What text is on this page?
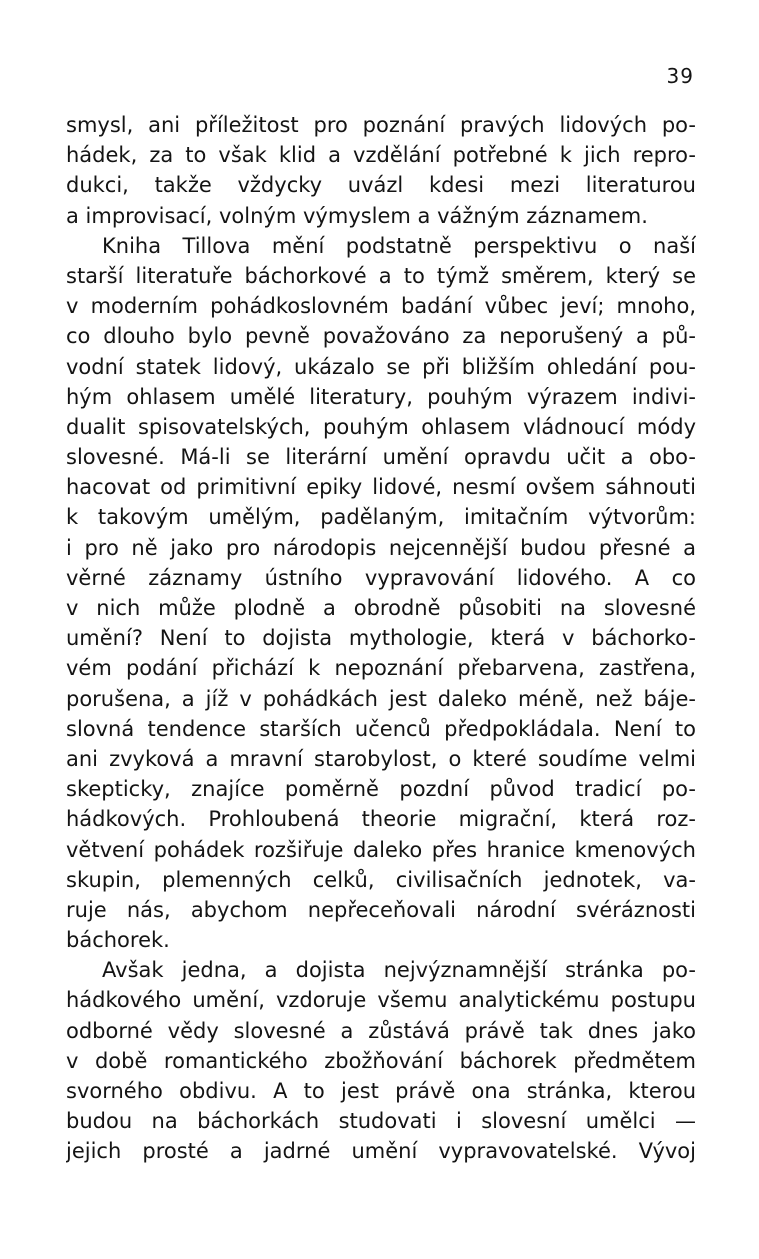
39
smysl, ani příležitost pro poznání pravých lidových po-
hádek, za to však klid a vzdělání potřebné k jich repro-
dukci, takže vždycky uvázl kdesi mezi literaturou
a improvisací, volným výmyslem a vážným záznamem.
Kniha Tillova mění podstatně perspektivu o naší
starší literatuře báchorkové a to týmž směrem, který se
v moderním pohádkoslovném badání vůbec jeví; mnoho,
co dlouho bylo pevně považováno za neporušený a pů-
vodní statek lidový, ukázalo se při bližším ohledání pou-
hým ohlasem umělé literatury, pouhým výrazem indivi-
dualit spisovatelských, pouhým ohlasem vládnoucí módy
slovesné. Má-li se literární umění opravdu učit a obo-
hacovat od primitivní epiky lidové, nesmí ovšem sáhnouti
k takovým umělým, padělaným, imitačním výtvorům:
i pro ně jako pro národopis nejcennější budou přesné a
věrné záznamy ústního vypravování lidového. A co
v nich může plodně a obrodně působiti na slovesné
umění? Není to dojista mythologie, která v báchorko-
vém podání přichází k nepoznání přebarvena, zastřena,
porušena, a jíž v pohádkách jest daleko méně, než bájе-
slovná tendence starších učenců předpokládala. Není to
ani zvyková a mravní starobylost, o které soudíme velmi
skepticky, znajíce poměrně pozdní původ tradicí po-
hádkových. Prohloubená theorie migrační, která roz-
větvení pohádek rozšiřuje daleko přes hranice kmenových
skupin, plemenných celků, civilisačních jednotek, va-
ruje nás, abychom nepřeceňovali národní svéráznosti
báchorek.
Avšak jedna, a dojista nejvýznamnější stránka po-
hádkového umění, vzdoruje všemu analytickému postupu
odborné vědy slovesné a zůstává právě tak dnes jako
v době romantického zbožňování báchorek předmětem
svorného obdivu. A to jest právě ona stránka, kterou
budou na báchorkách studovati i slovesní umělci —
jejich prosté a jadrné umění vypravovatelské. Vývoj
